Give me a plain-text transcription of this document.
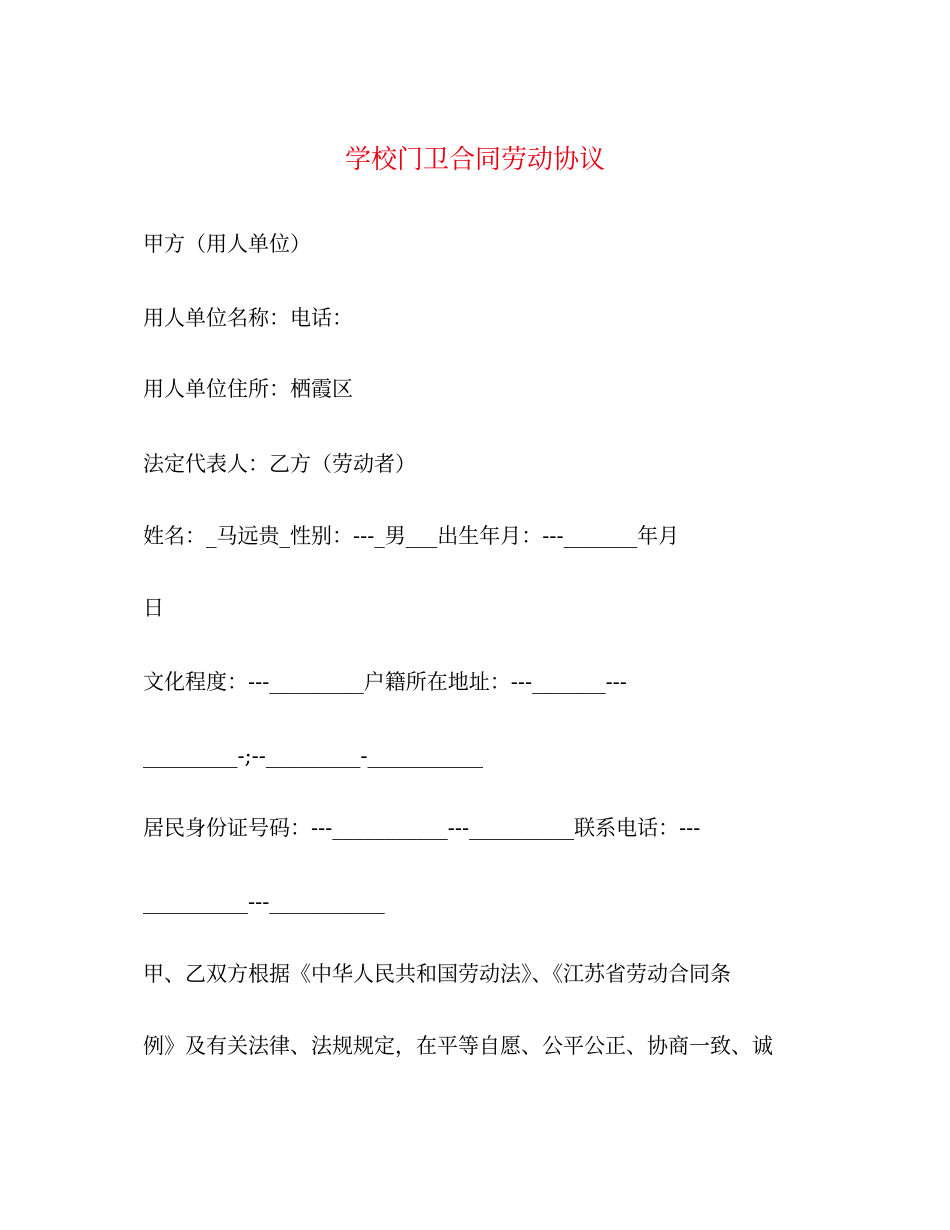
学校门卫合同劳动协议
甲方（用人单位）
用人单位名称：电话：
用人单位住所：栖霞区
法定代表人：乙方（劳动者）
姓名：_马远贵_性别：---_男___出生年月：---_______年月
日
文化程度：---_________户籍所在地址：---_______---
_________-;--_________-___________
居民身份证号码：---___________---__________联系电话：---
__________---___________
甲、乙双方根据《中华人民共和国劳动法》、《江苏省劳动合同条
例》及有关法律、法规规定，在平等自愿、公平公正、协商一致、诚
